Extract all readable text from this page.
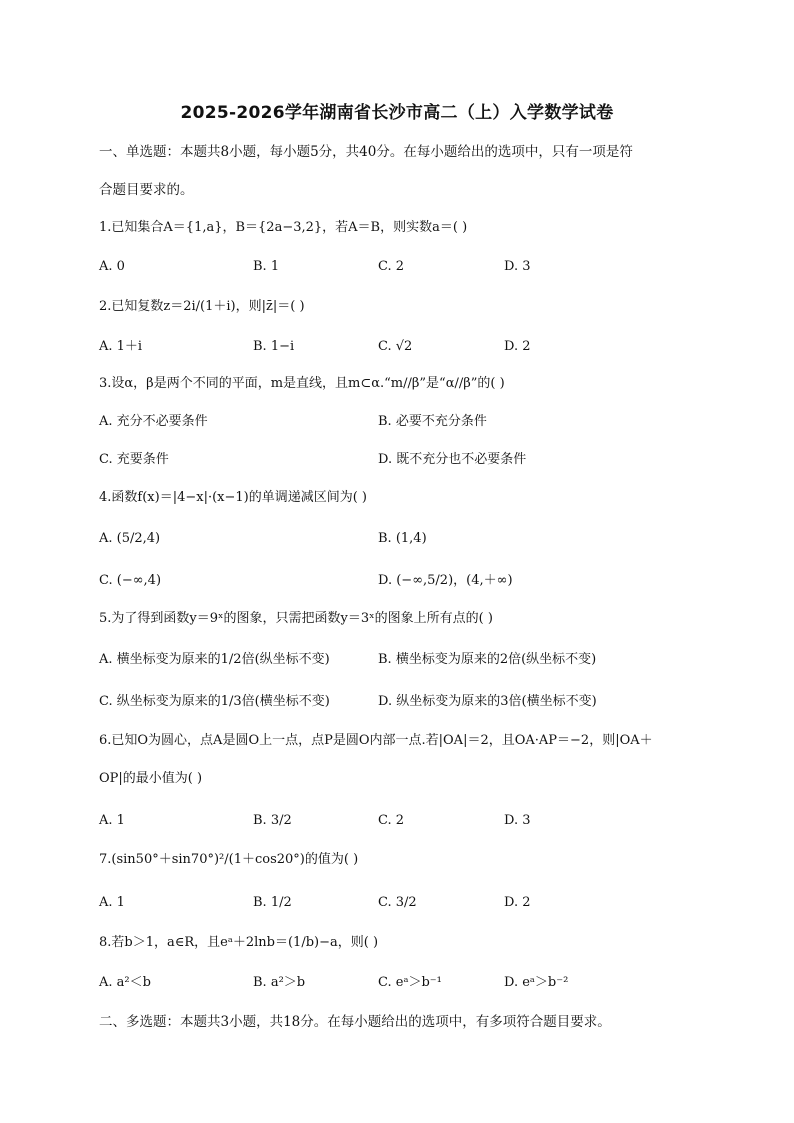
2025-2026学年湖南省长沙市高二（上）入学数学试卷
一、单选题：本题共8小题，每小题5分，共40分。在每小题给出的选项中，只有一项是符
合题目要求的。
1.已知集合A＝{1,a}，B＝{2a−3,2}，若A＝B，则实数a＝( )
A. 0	B. 1	C. 2	D. 3
2.已知复数z＝2i/(1＋i)，则|z̄|＝( )
A. 1＋i	B. 1−i	C. √2	D. 2
3.设α，β是两个不同的平面，m是直线，且m⊂α.“m//β”是“α//β”的( )
A. 充分不必要条件	B. 必要不充分条件
C. 充要条件	D. 既不充分也不必要条件
4.函数f(x)＝|4−x|·(x−1)的单调递减区间为( )
A. (5/2,4)	B. (1,4)
C. (−∞,4)	D. (−∞,5/2)，(4,＋∞)
5.为了得到函数y＝9ˣ的图象，只需把函数y＝3ˣ的图象上所有点的( )
A. 横坐标变为原来的1/2倍(纵坐标不变)	B. 横坐标变为原来的2倍(纵坐标不变)
C. 纵坐标变为原来的1/3倍(横坐标不变)	D. 纵坐标变为原来的3倍(横坐标不变)
6.已知O为圆心，点A是圆O上一点，点P是圆O内部一点.若|OA|＝2，且OA·AP＝−2，则|OA＋
OP|的最小值为( )
A. 1	B. 3/2	C. 2	D. 3
7.(sin50°＋sin70°)²/(1＋cos20°)的值为( )
A. 1	B. 1/2	C. 3/2	D. 2
8.若b＞1，a∈R，且eᵃ＋2lnb＝(1/b)−a，则( )
A. a²＜b	B. a²＞b	C. eᵃ＞b⁻¹	D. eᵃ＞b⁻²
二、多选题：本题共3小题，共18分。在每小题给出的选项中，有多项符合题目要求。
